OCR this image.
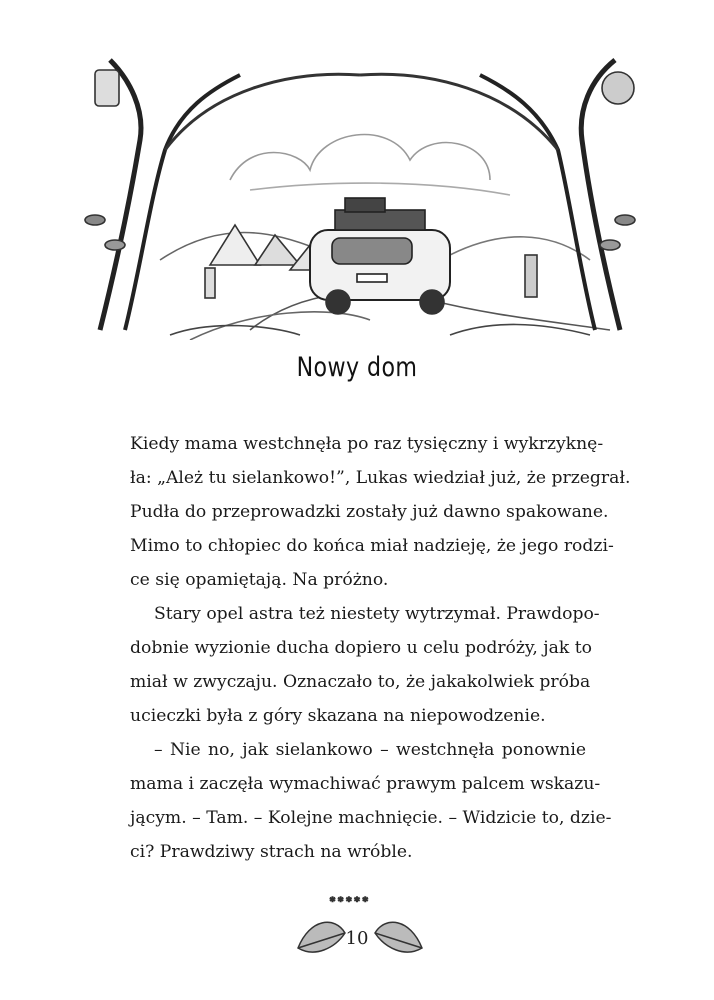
Nowy dom
Kiedy mama westchnęła po raz tysięczny i wykrzyknę-
ła: „Ależ tu sielankowo!”, Lukas wiedział już, że przegrał.
Pudła do przeprowadzki zostały już dawno spakowane.
Mimo to chłopiec do końca miał nadzieję, że jego rodzi-
ce się opamiętają. Na próżno.
Stary opel astra też niestety wytrzymał. Prawdopo-
dobnie wyzionie ducha dopiero u celu podróży, jak to
miał w zwyczaju. Oznaczało to, że jakakolwiek próba
ucieczki była z góry skazana na niepowodzenie.
– Nie no, jak sielankowo – westchnęła ponownie
mama i zaczęła wymachiwać prawym palcem wskazu-
jącym. – Tam. – Kolejne machnięcie. – Widzicie to, dzie-
ci? Prawdziwy strach na wróble.
* * * * *
10
